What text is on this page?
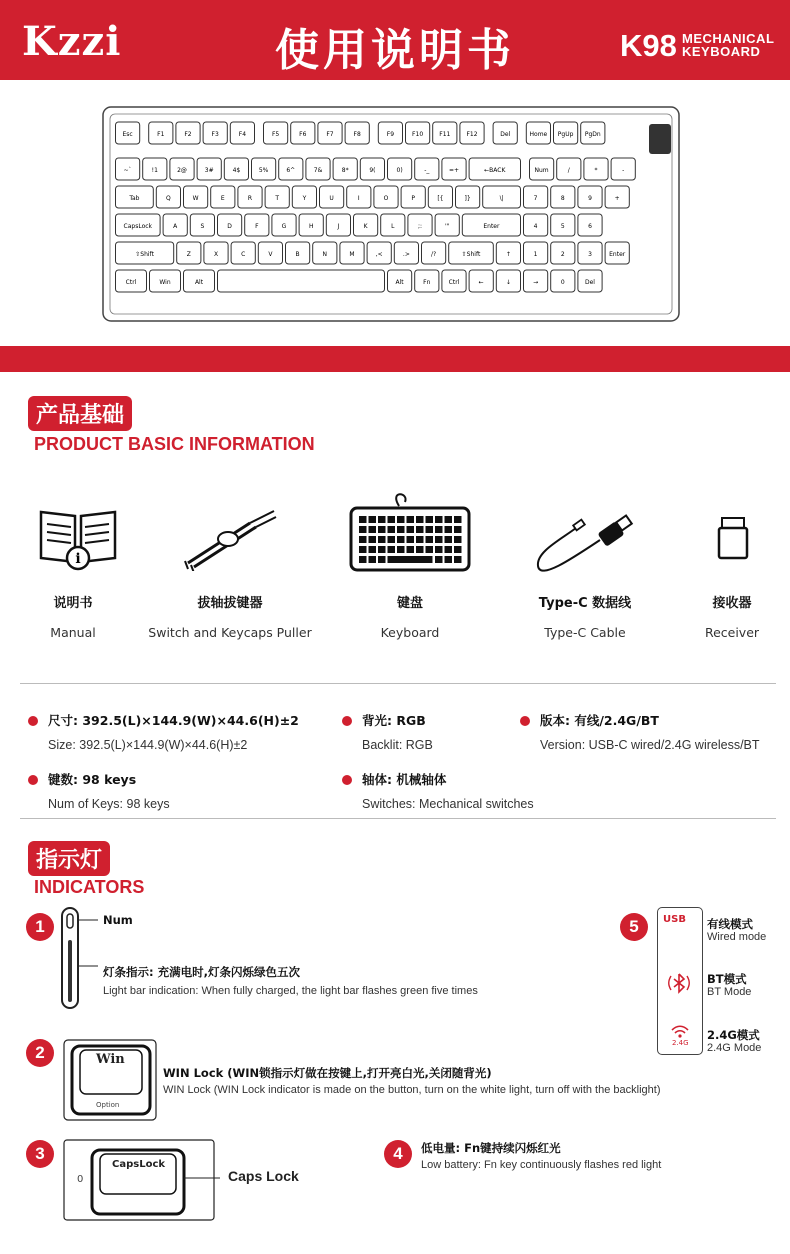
Kzzi	使用说明书	K98 MECHANICAL
KEYBOARD
Esc	F1	F2	F3	F4	F5	F6	F7	F8	F9	F10	F11	F12	Del	Home PgUp PgDn
~`	!1	2@	3#	4$	5%	6^	7&	8*	9(	0)	-_	=+	←BACK	Num	/	*	-
Tab	Q	W	E	R	T	Y	U	I	O	P	[{	]}	\|	7	8	9	+
CapsLock	A	S	D	F	G	H	J	K	L	;:	'"	Enter	4	5	6
⇧Shift	Z	X	C	V	B	N	M	,<	.>	/?	⇧Shift	↑	1	2	3	Enter
Ctrl	Win	Alt	Alt	Fn	Ctrl	←	↓	→	0	Del
产品基础
PRODUCT BASIC INFORMATION
i
说明书
Manual
拔轴拔键器
Switch and Keycaps Puller
键盘
Keyboard
Type-C 数据线
Type-C Cable
接收器
Receiver
尺寸: 392.5(L)×144.9(W)×44.6(H)±2
Size: 392.5(L)×144.9(W)×44.6(H)±2
背光: RGB
Backlit: RGB
版本: 有线/2.4G/BT
Version: USB-C wired/2.4G wireless/BT
键数: 98 keys
Num of Keys: 98 keys
轴体: 机械轴体
Switches: Mechanical switches
指示灯
INDICATORS
1	Num
灯条指示: 充满电时,灯条闪烁绿色五次
Light bar indication: When fully charged, the light bar flashes green five times
2	Win
Option
WIN Lock (WIN锁指示灯做在按键上,打开亮白光,关闭随背光)
WIN Lock (WIN Lock indicator is made on the button, turn on the white light, turn off with the backlight)
3
0
CapsLock
Caps Lock
4	低电量: Fn键持续闪烁红光
Low battery: Fn key continuously flashes red light
5	USB
2.4G
有线模式
Wired mode
BT模式
BT Mode
2.4G模式
2.4G Mode
